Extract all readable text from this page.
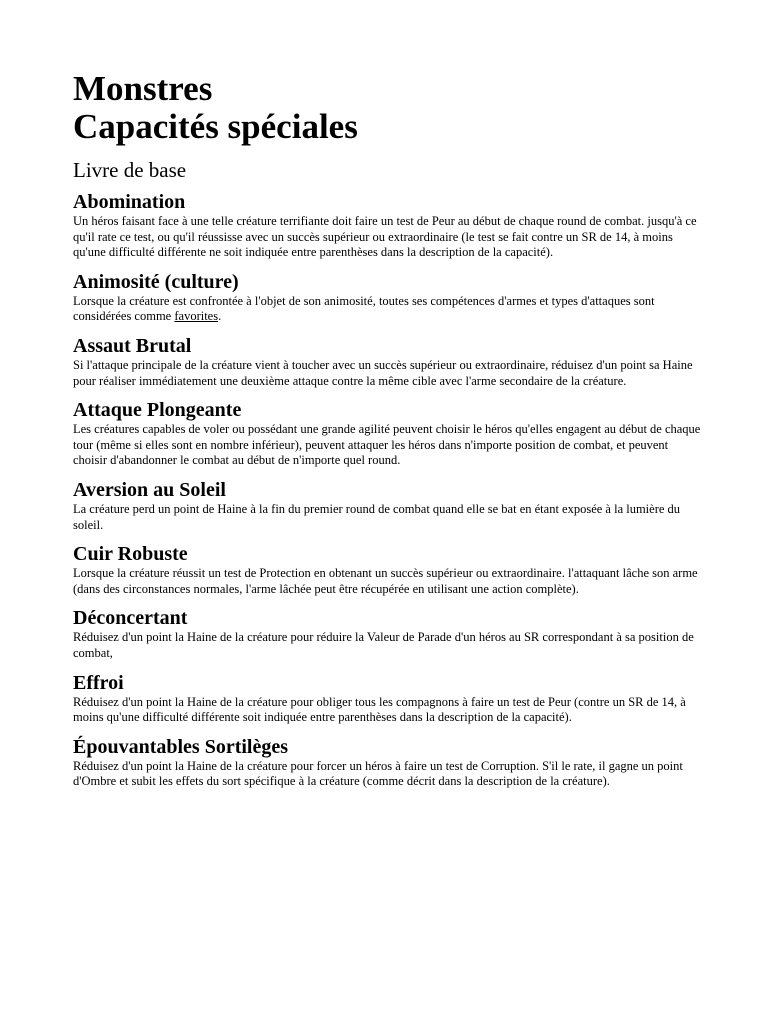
Monstres
Capacités spéciales
Livre de base
Abomination

Un héros faisant face à une telle créature terrifiante doit faire un test de Peur au début de chaque round de combat. jusqu'à ce qu'il rate ce test, ou qu'il réussisse avec un succès supérieur ou extraordinaire (le test se fait contre un SR de 14, à moins qu'une difficulté différente ne soit indiquée entre parenthèses dans la description de la capacité).

Animosité (culture)

Lorsque la créature est confrontée à l'objet de son animosité, toutes ses compétences d'armes et types d'attaques sont considérées comme favorites.

Assaut Brutal

Si l'attaque principale de la créature vient à toucher avec un succès supérieur ou extraordinaire, réduisez d'un point sa Haine pour réaliser immédiatement une deuxième attaque contre la même cible avec l'arme secondaire de la créature.

Attaque Plongeante

Les créatures capables de voler ou possédant une grande agilité peuvent choisir le héros qu'elles engagent au début de chaque tour (même si elles sont en nombre inférieur), peuvent attaquer les héros dans n'importe position de combat, et peuvent choisir d'abandonner le combat au début de n'importe quel round.

Aversion au Soleil

La créature perd un point de Haine à la fin du premier round de combat quand elle se bat en étant exposée à la lumière du soleil.

Cuir Robuste

Lorsque la créature réussit un test de Protection en obtenant un succès supérieur ou extraordinaire. l'attaquant lâche son arme (dans des circonstances normales, l'arme lâchée peut être récupérée en utilisant une action complète).

Déconcertant

Réduisez d'un point la Haine de la créature pour réduire la Valeur de Parade d'un héros au SR correspondant à sa position de combat,

Effroi

Réduisez d'un point la Haine de la créature pour obliger tous les compagnons à faire un test de Peur (contre un SR de 14, à moins qu'une difficulté différente soit indiquée entre parenthèses dans la description de la capacité).

Épouvantables Sortilèges

Réduisez d'un point la Haine de la créature pour forcer un héros à faire un test de Corruption. S'il le rate, il gagne un point d'Ombre et subit les effets du sort spécifique à la créature (comme décrit dans la description de la créature).
